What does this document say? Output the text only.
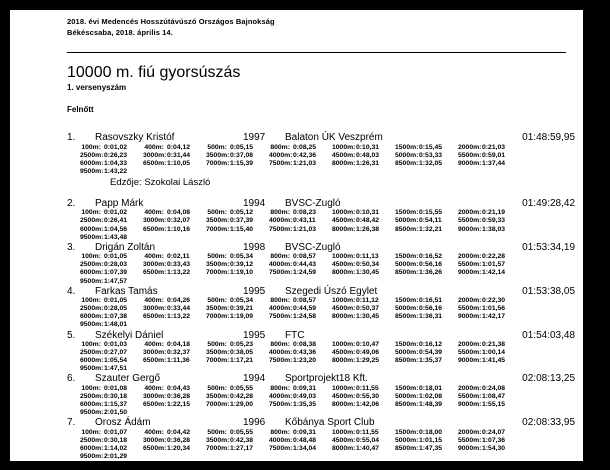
2018. évi Medencés Hosszútávúszó Országos Bajnokság
Békéscsaba, 2018. április 14.
10000 m. fiú gyorsúszás
1. versenyszám
Felnőtt
1.	Rasovszky Kristóf	1997	Balaton ÚK Veszprém	01:48:59,95
100m: 0:01,02	400m: 0:04,12	500m: 0:05,15	800m: 0:08,25 1000m: 0:10,31 1500m: 0:15,45 2000m: 0:21,03
2500m: 0:26,23 3000m: 0:31,44 3500m: 0:37,08 4000m: 0:42,36 4500m: 0:48,03 5000m: 0:53,33 5500m: 0:59,01
6000m: 1:04,33 6500m: 1:10,05 7000m: 1:15,39 7500m: 1:21,03 8000m: 1:26,31 8500m: 1:32,05 9000m: 1:37,44
9500m: 1:43,22
Edzője: Szokolai László
2.	Papp Márk	1994	BVSC-Zugló	01:49:28,42
100m: 0:01,02	400m: 0:04,08	500m: 0:05,12	800m: 0:08,23 1000m: 0:10,31 1500m: 0:15,55 2000m: 0:21,19
2500m: 0:26,41 3000m: 0:32,07 3500m: 0:37,39 4000m: 0:43,11 4500m: 0:48,42 5000m: 0:54,11 5500m: 0:59,33
6000m: 1:04,56 6500m: 1:10,16 7000m: 1:15,40 7500m: 1:21,03 8000m: 1:26,38 8500m: 1:32,21 9000m: 1:38,03
9500m: 1:43,48
3.	Drigán Zoltán	1998	BVSC-Zugló	01:53:34,19
100m: 0:01,05	400m: 0:02,11	500m: 0:05,34	800m: 0:08,57 1000m: 0:11,13 1500m: 0:16,52 2000m: 0:22,28
2500m: 0:28,03 3000m: 0:33,43 3500m: 0:39,12 4000m: 0:44,43 4500m: 0:50,34 5000m: 0:56,16 5500m: 1:01,57
6000m: 1:07,39 6500m: 1:13,22 7000m: 1:19,10 7500m: 1:24,59 8000m: 1:30,45 8500m: 1:36,26 9000m: 1:42,14
9500m: 1:47,57
4.	Farkas Tamás	1995	Szegedi Úszó Egylet	01:53:38,05
100m: 0:01,05	400m: 0:04,26	500m: 0:05,34	800m: 0:08,57 1000m: 0:11,12 1500m: 0:16,51 2000m: 0:22,30
2500m: 0:28,05 3000m: 0:33,44 3500m: 0:39,21 4000m: 0:44,59 4500m: 0:50,37 5000m: 0:56,16 5500m: 1:01,56
6000m: 1:07,38 6500m: 1:13,22 7000m: 1:19,09 7500m: 1:24,58 8000m: 1:30,45 8500m: 1:36,31 9000m: 1:42,17
9500m: 1:48,01
5.	Székelyi Dániel	1995	FTC	01:54:03,48
100m: 0:01,03	400m: 0:04,18	500m: 0:05,23	800m: 0:08,38 1000m: 0:10,47 1500m: 0:16,12 2000m: 0:21,38
2500m: 0:27,07 3000m: 0:32,37 3500m: 0:38,05 4000m: 0:43,36 4500m: 0:49,06 5000m: 0:54,39 5500m: 1:00,14
6000m: 1:05,54 6500m: 1:11,36 7000m: 1:17,21 7500m: 1:23,20 8000m: 1:29,25 8500m: 1:35,37 9000m: 1:41,45
9500m: 1:47,51
6.	Szauter Gergő	1994	Sportprojekt18 Kft.	02:08:13,25
100m: 0:01,08	400m: 0:04,43	500m: 0:05,55	800m: 0:09,31 1000m: 0:11,55 1500m: 0:18,01 2000m: 0:24,08
2500m: 0:30,18 3000m: 0:36,28 3500m: 0:42,28 4000m: 0:49,03 4500m: 0:55,30 5000m: 1:02,08 5500m: 1:08,47
6000m: 1:15,37 6500m: 1:22,15 7000m: 1:29,00 7500m: 1:35,35 8000m: 1:42,06 8500m: 1:48,39 9000m: 1:55,15
9500m: 2:01,50
7.	Orosz Ádám	1996	Kőbánya Sport Club	02:08:33,95
100m: 0:01,07	400m: 0:04,42	500m: 0:05,55	800m: 0:09,31 1000m: 0:11,55 1500m: 0:18,00 2000m: 0:24,07
2500m: 0:30,18 3000m: 0:36,28 3500m: 0:42,38 4000m: 0:48,48 4500m: 0:55,04 5000m: 1:01,15 5500m: 1:07,36
6000m: 1:14,02 6500m: 1:20,34 7000m: 1:27,17 7500m: 1:34,04 8000m: 1:40,47 8500m: 1:47,35 9000m: 1:54,30
9500m: 2:01,29
